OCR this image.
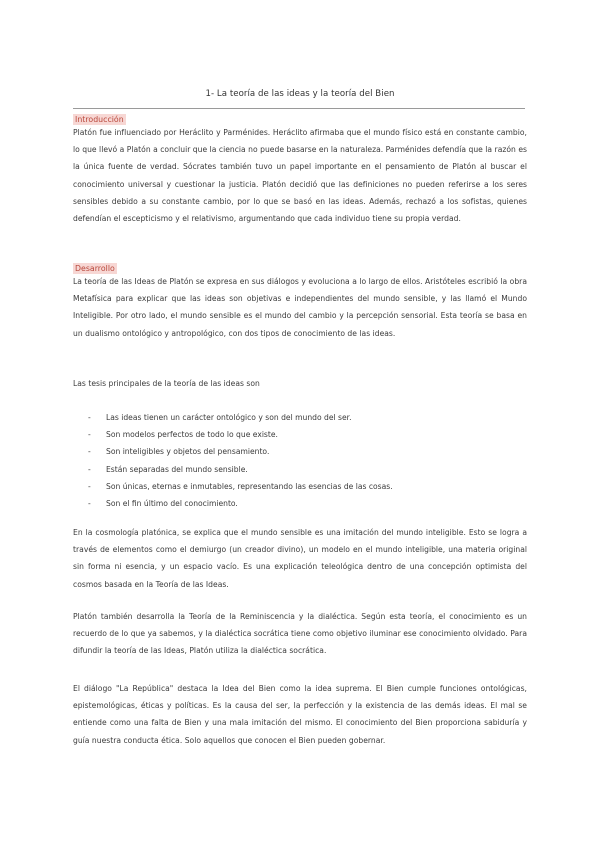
1- La teoría de las ideas y la teoría del Bien
Introducción
Platón fue influenciado por Heráclito y Parménides. Heráclito afirmaba que el mundo físico está en constante cambio, lo que llevó a Platón a concluir que la ciencia no puede basarse en la naturaleza. Parménides defendía que la razón es la única fuente de verdad. Sócrates también tuvo un papel importante en el pensamiento de Platón al buscar el conocimiento universal y cuestionar la justicia. Platón decidió que las definiciones no pueden referirse a los seres sensibles debido a su constante cambio, por lo que se basó en las ideas. Además, rechazó a los sofistas, quienes defendían el escepticismo y el relativismo, argumentando que cada individuo tiene su propia verdad.
Desarrollo
La teoría de las Ideas de Platón se expresa en sus diálogos y evoluciona a lo largo de ellos. Aristóteles escribió la obra Metafísica para explicar que las ideas son objetivas e independientes del mundo sensible, y las llamó el Mundo Inteligible. Por otro lado, el mundo sensible es el mundo del cambio y la percepción sensorial. Esta teoría se basa en un dualismo ontológico y antropológico, con dos tipos de conocimiento de las ideas.
Las tesis principales de la teoría de las ideas son
- Las ideas tienen un carácter ontológico y son del mundo del ser.
- Son modelos perfectos de todo lo que existe.
- Son inteligibles y objetos del pensamiento.
- Están separadas del mundo sensible.
- Son únicas, eternas e inmutables, representando las esencias de las cosas.
- Son el fin último del conocimiento.
En la cosmología platónica, se explica que el mundo sensible es una imitación del mundo inteligible. Esto se logra a través de elementos como el demiurgo (un creador divino), un modelo en el mundo inteligible, una materia original sin forma ni esencia, y un espacio vacío. Es una explicación teleológica dentro de una concepción optimista del cosmos basada en la Teoría de las Ideas.
Platón también desarrolla la Teoría de la Reminiscencia y la dialéctica. Según esta teoría, el conocimiento es un recuerdo de lo que ya sabemos, y la dialéctica socrática tiene como objetivo iluminar ese conocimiento olvidado. Para difundir la teoría de las Ideas, Platón utiliza la dialéctica socrática.
El diálogo "La República" destaca la Idea del Bien como la idea suprema. El Bien cumple funciones ontológicas, epistemológicas, éticas y políticas. Es la causa del ser, la perfección y la existencia de las demás ideas. El mal se entiende como una falta de Bien y una mala imitación del mismo. El conocimiento del Bien proporciona sabiduría y guía nuestra conducta ética. Solo aquellos que conocen el Bien pueden gobernar.
